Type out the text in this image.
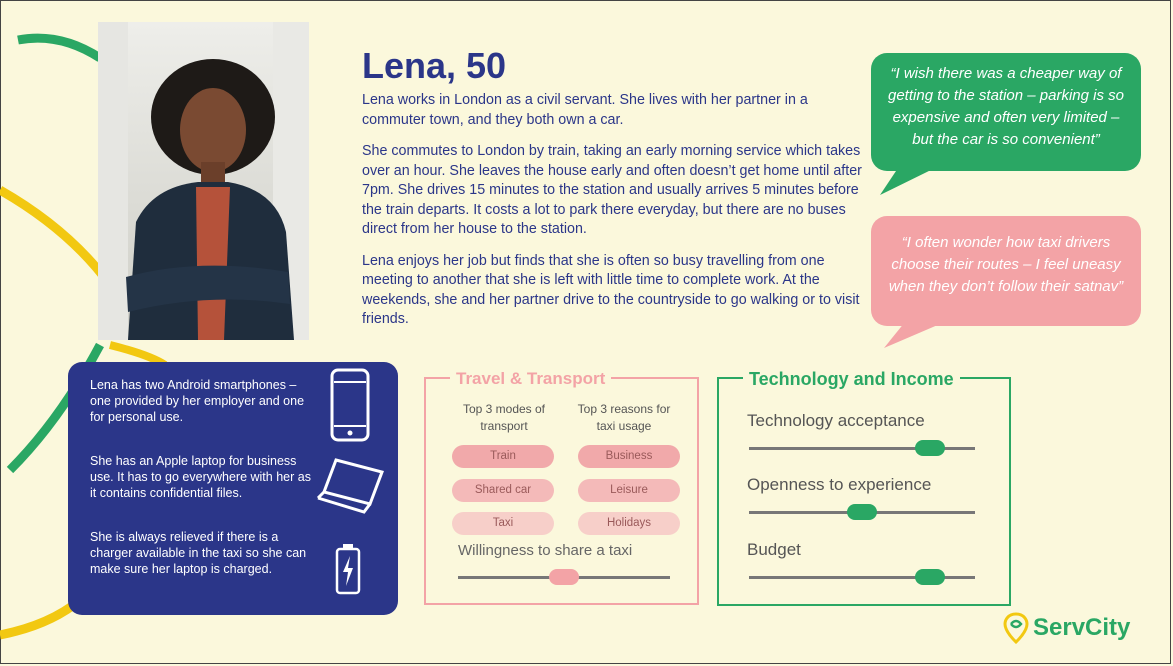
Lena, 50

Lena works in London as a civil servant. She lives with her partner in a commuter town, and they both own a car.

She commutes to London by train, taking an early morning service which takes over an hour. She leaves the house early and often doesn’t get home until after 7pm. She drives 15 minutes to the station and usually arrives 5 minutes before the train departs. It costs a lot to park there everyday, but there are no buses direct from her house to the station.

Lena enjoys her job but finds that she is often so busy travelling from one meeting to another that she is left with little time to complete work. At the weekends, she and her partner drive to the countryside to go walking or to visit friends.

“I wish there was a cheaper way of getting to the station – parking is so expensive and often very limited – but the car is so convenient”
“I often wonder how taxi drivers choose their routes – I feel uneasy when they don’t follow their satnav”
Lena has two Android smartphones – one provided by her employer and one for personal use.
She has an Apple laptop for business use. It has to go everywhere with her as it contains confidential files.
She is always relieved if there is a charger available in the taxi so she can make sure her laptop is charged.
Travel & Transport
Top 3 modes of transport
Top 3 reasons for taxi usage
Train
Shared car
Taxi
Business
Leisure
Holidays
Willingness to share a taxi
Technology and Income
Technology acceptance
Openness to experience
Budget
ServCity
